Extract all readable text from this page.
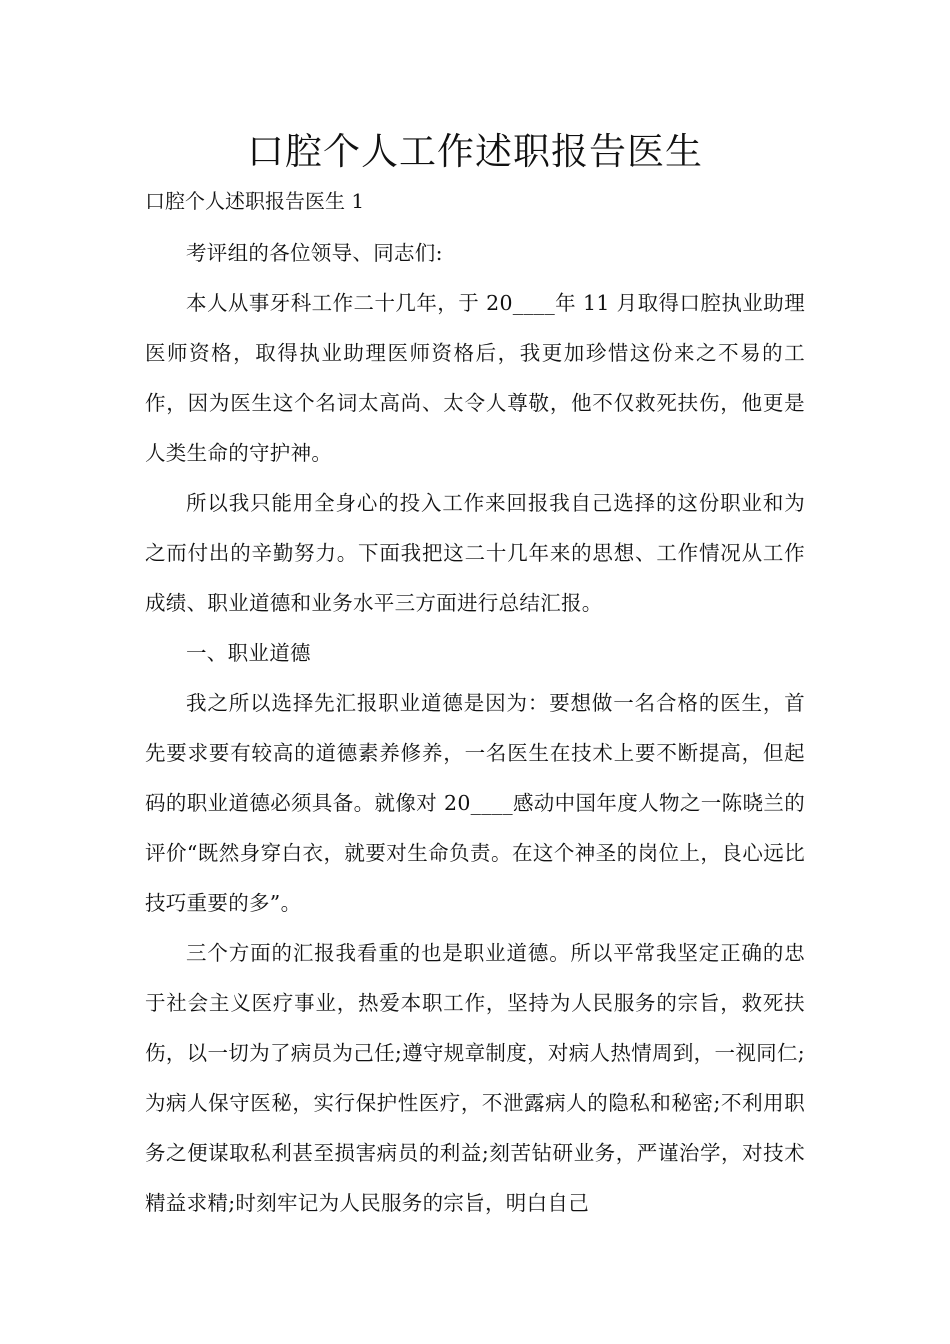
口腔个人工作述职报告医生
口腔个人述职报告医生 1

考评组的各位领导、同志们:

本人从事牙科工作二十几年，于 20____年 11 月取得口腔执业助理医师资格，取得执业助理医师资格后，我更加珍惜这份来之不易的工作，因为医生这个名词太高尚、太令人尊敬，他不仅救死扶伤，他更是人类生命的守护神。

所以我只能用全身心的投入工作来回报我自己选择的这份职业和为之而付出的辛勤努力。下面我把这二十几年来的思想、工作情况从工作成绩、职业道德和业务水平三方面进行总结汇报。

一、职业道德

我之所以选择先汇报职业道德是因为：要想做一名合格的医生，首先要求要有较高的道德素养修养，一名医生在技术上要不断提高，但起码的职业道德必须具备。就像对 20____感动中国年度人物之一陈晓兰的评价“既然身穿白衣，就要对生命负责。在这个神圣的岗位上，良心远比技巧重要的多”。

三个方面的汇报我看重的也是职业道德。所以平常我坚定正确的忠于社会主义医疗事业，热爱本职工作，坚持为人民服务的宗旨，救死扶伤，以一切为了病员为己任;遵守规章制度，对病人热情周到，一视同仁;为病人保守医秘，实行保护性医疗，不泄露病人的隐私和秘密;不利用职务之便谋取私利甚至损害病员的利益;刻苦钻研业务，严谨治学，对技术精益求精;时刻牢记为人民服务的宗旨，明白自己
